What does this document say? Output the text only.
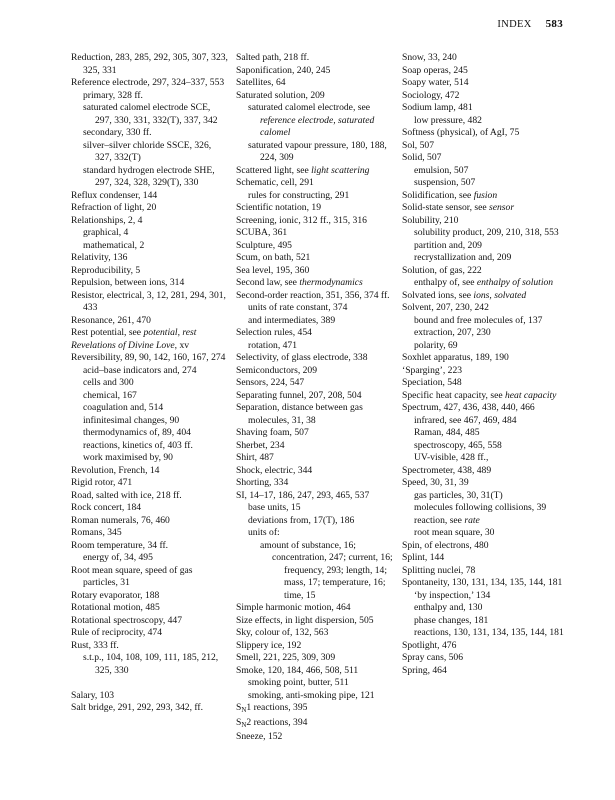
INDEX 583
Reduction, 283, 285, 292, 305, 307, 323, 325, 331
Reference electrode, 297, 324–337, 553
primary, 328 ff.
saturated calomel electrode SCE, 297, 330, 331, 332(T), 337, 342
secondary, 330 ff.
silver–silver chloride SSCE, 326, 327, 332(T)
standard hydrogen electrode SHE, 297, 324, 328, 329(T), 330
Reflux condenser, 144
Refraction of light, 20
Relationships, 2, 4
graphical, 4
mathematical, 2
Relativity, 136
Reproducibility, 5
Repulsion, between ions, 314
Resistor, electrical, 3, 12, 281, 294, 301, 433
Resonance, 261, 470
Rest potential, see potential, rest
Revelations of Divine Love, xv
Reversibility, 89, 90, 142, 160, 167, 274
acid–base indicators and, 274
cells and 300
chemical, 167
coagulation and, 514
infinitesimal changes, 90
thermodynamics of, 89, 404
reactions, kinetics of, 403 ff.
work maximised by, 90
Revolution, French, 14
Rigid rotor, 471
Road, salted with ice, 218 ff.
Rock concert, 184
Roman numerals, 76, 460
Romans, 345
Room temperature, 34 ff.
energy of, 34, 495
Root mean square, speed of gas particles, 31
Rotary evaporator, 188
Rotational motion, 485
Rotational spectroscopy, 447
Rule of reciprocity, 474
Rust, 333 ff.
s.t.p., 104, 108, 109, 111, 185, 212, 325, 330
Salary, 103
Salt bridge, 291, 292, 293, 342, ff.
Salted path, 218 ff.
Saponification, 240, 245
Satellites, 64
Saturated solution, 209
saturated calomel electrode, see reference electrode, saturated calomel
saturated vapour pressure, 180, 188, 224, 309
Scattered light, see light scattering
Schematic, cell, 291
rules for constructing, 291
Scientific notation, 19
Screening, ionic, 312 ff., 315, 316
SCUBA, 361
Sculpture, 495
Scum, on bath, 521
Sea level, 195, 360
Second law, see thermodynamics
Second-order reaction, 351, 356, 374 ff.
units of rate constant, 374
and intermediates, 389
Selection rules, 454
rotation, 471
Selectivity, of glass electrode, 338
Semiconductors, 209
Sensors, 224, 547
Separating funnel, 207, 208, 504
Separation, distance between gas molecules, 31, 38
Shaving foam, 507
Sherbet, 234
Shirt, 487
Shock, electric, 344
Shorting, 334
SI, 14–17, 186, 247, 293, 465, 537
base units, 15
deviations from, 17(T), 186
units of:
amount of substance, 16;
concentration, 247; current, 16; frequency, 293; length, 14; mass, 17; temperature, 16; time, 15
Simple harmonic motion, 464
Size effects, in light dispersion, 505
Sky, colour of, 132, 563
Slippery ice, 192
Smell, 221, 225, 309, 309
Smoke, 120, 184, 466, 508, 511
smoking point, butter, 511
smoking, anti-smoking pipe, 121
$S_N1$ reactions, 395
$S_N2$ reactions, 394
Sneeze, 152
Snow, 33, 240
Soap operas, 245
Soapy water, 514
Sociology, 472
Sodium lamp, 481
low pressure, 482
Softness (physical), of AgI, 75
Sol, 507
Solid, 507
emulsion, 507
suspension, 507
Solidification, see fusion
Solid-state sensor, see sensor
Solubility, 210
solubility product, 209, 210, 318, 553
partition and, 209
recrystallization and, 209
Solution, of gas, 222
enthalpy of, see enthalpy of solution
Solvated ions, see ions, solvated
Solvent, 207, 230, 242
bound and free molecules of, 137
extraction, 207, 230
polarity, 69
Soxhlet apparatus, 189, 190
‘Sparging’, 223
Speciation, 548
Specific heat capacity, see heat capacity
Spectrum, 427, 436, 438, 440, 466
infrared, see 467, 469, 484
Raman, 484, 485
spectroscopy, 465, 558
UV-visible, 428 ff.,
Spectrometer, 438, 489
Speed, 30, 31, 39
gas particles, 30, 31(T)
molecules following collisions, 39
reaction, see rate
root mean square, 30
Spin, of electrons, 480
Splint, 144
Splitting nuclei, 78
Spontaneity, 130, 131, 134, 135, 144, 181
‘by inspection,’ 134
enthalpy and, 130
phase changes, 181
reactions, 130, 131, 134, 135, 144, 181
Spotlight, 476
Spray cans, 506
Spring, 464
